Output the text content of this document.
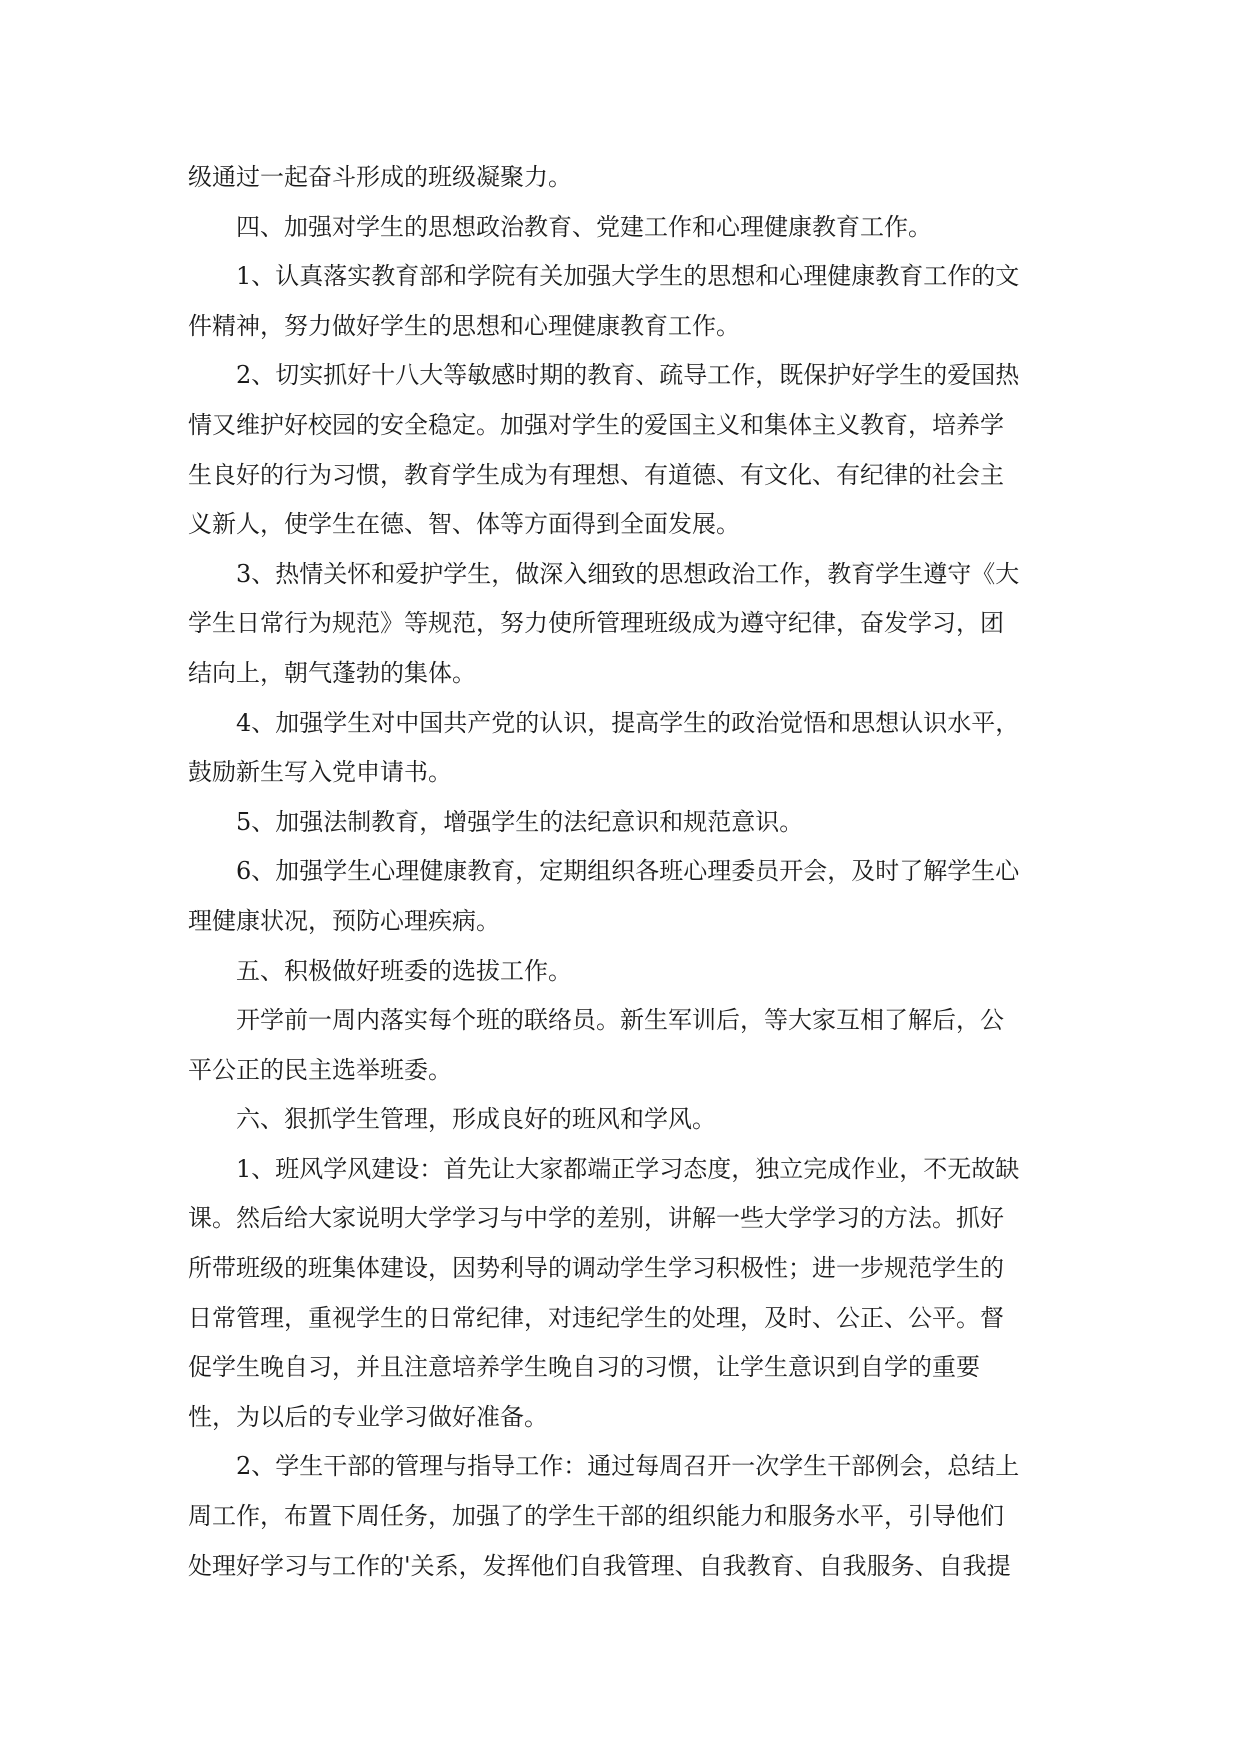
级通过一起奋斗形成的班级凝聚力。

四、加强对学生的思想政治教育、党建工作和心理健康教育工作。

1、认真落实教育部和学院有关加强大学生的思想和心理健康教育工作的文

件精神，努力做好学生的思想和心理健康教育工作。

2、切实抓好十八大等敏感时期的教育、疏导工作，既保护好学生的爱国热

情又维护好校园的安全稳定。加强对学生的爱国主义和集体主义教育，培养学

生良好的行为习惯，教育学生成为有理想、有道德、有文化、有纪律的社会主

义新人，使学生在德、智、体等方面得到全面发展。

3、热情关怀和爱护学生，做深入细致的思想政治工作，教育学生遵守《大

学生日常行为规范》等规范，努力使所管理班级成为遵守纪律，奋发学习，团

结向上，朝气蓬勃的集体。

4、加强学生对中国共产党的认识，提高学生的政治觉悟和思想认识水平，

鼓励新生写入党申请书。

5、加强法制教育，增强学生的法纪意识和规范意识。

6、加强学生心理健康教育，定期组织各班心理委员开会，及时了解学生心

理健康状况，预防心理疾病。

五、积极做好班委的选拔工作。

开学前一周内落实每个班的联络员。新生军训后，等大家互相了解后，公

平公正的民主选举班委。

六、狠抓学生管理，形成良好的班风和学风。

1、班风学风建设：首先让大家都端正学习态度，独立完成作业，不无故缺

课。然后给大家说明大学学习与中学的差别，讲解一些大学学习的方法。抓好

所带班级的班集体建设，因势利导的调动学生学习积极性；进一步规范学生的

日常管理，重视学生的日常纪律，对违纪学生的处理，及时、公正、公平。督

促学生晚自习，并且注意培养学生晚自习的习惯，让学生意识到自学的重要

性，为以后的专业学习做好准备。

2、学生干部的管理与指导工作：通过每周召开一次学生干部例会，总结上

周工作，布置下周任务，加强了的学生干部的组织能力和服务水平，引导他们

处理好学习与工作的'关系，发挥他们自我管理、自我教育、自我服务、自我提
